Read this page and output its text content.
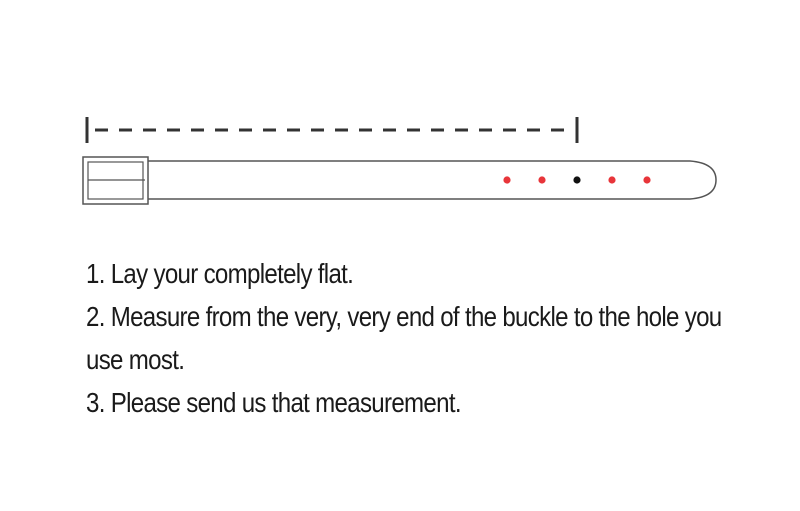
1. Lay your completely flat.
2. Measure from the very, very end of the buckle to the hole you use most.
3. Please send us that measurement.
